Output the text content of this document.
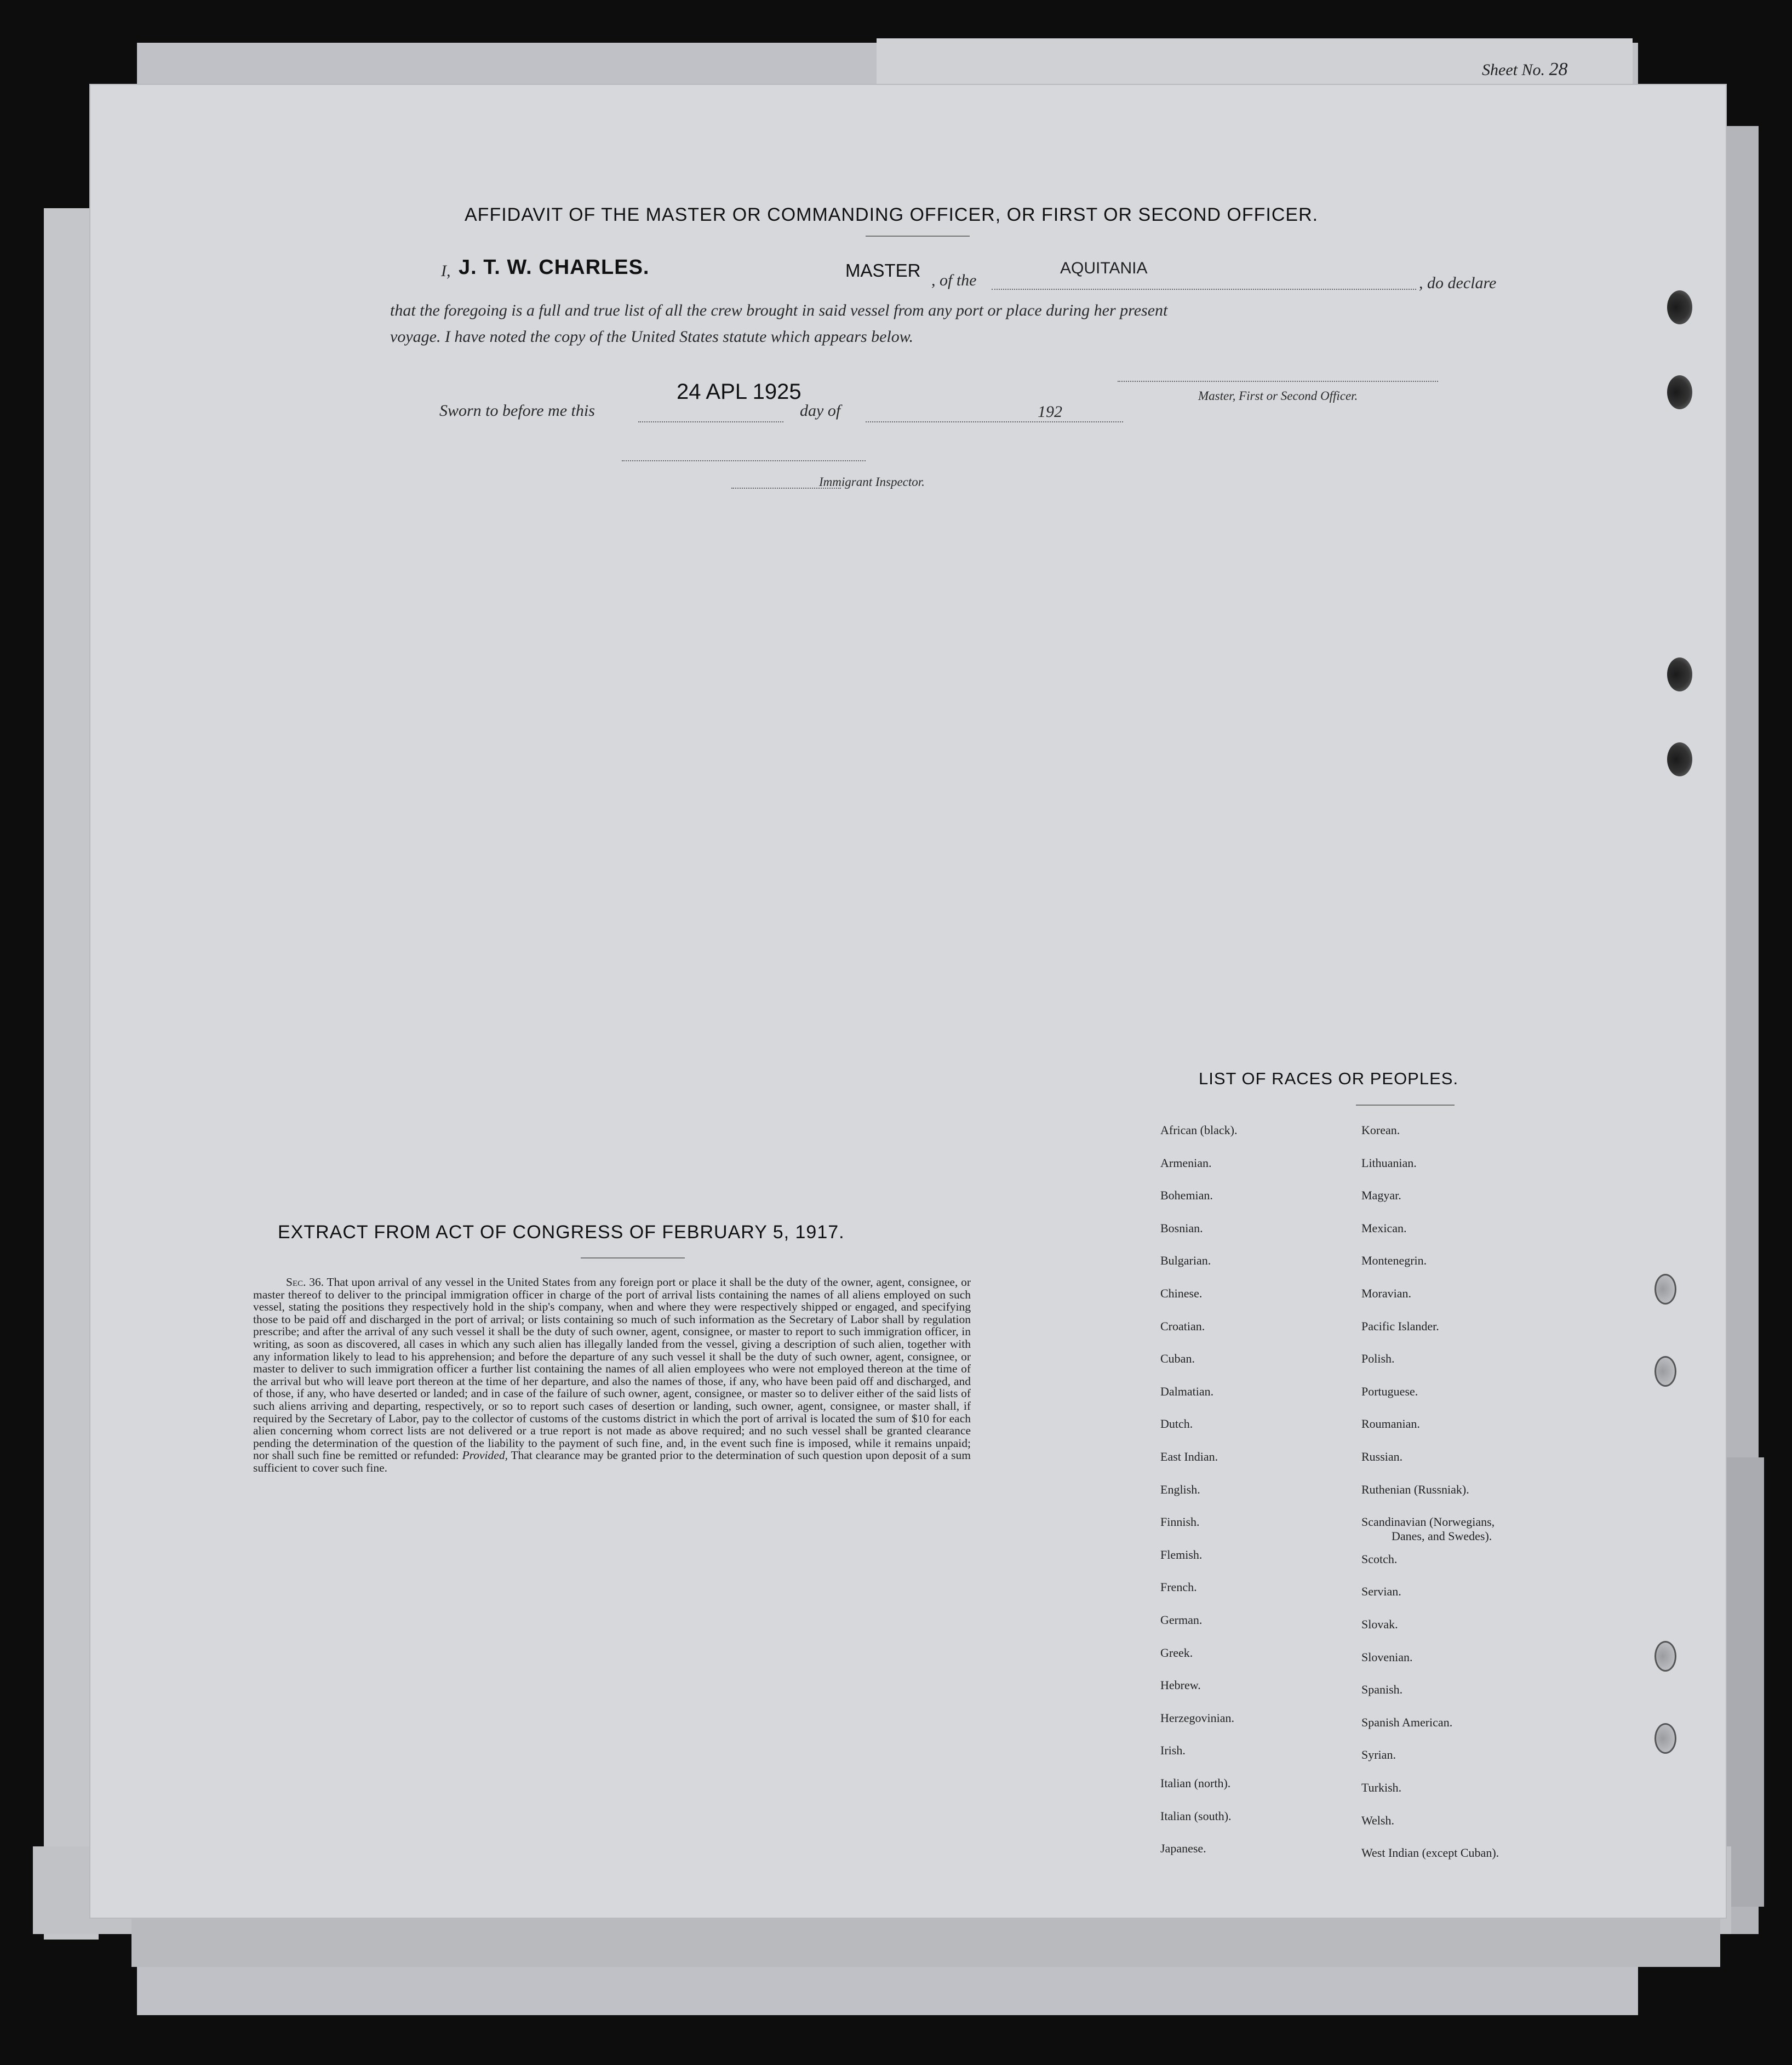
Sheet No. 28
AFFIDAVIT OF THE MASTER OR COMMANDING OFFICER, OR FIRST OR SECOND OFFICER.
I, J. T. W. CHARLES.	MASTER , of the
AQUITANIA
, do declare
that the foregoing is a full and true list of all the crew brought in said vessel from any port or place during her present
voyage. I have noted the copy of the United States statute which appears below.
Sworn to before me this
24 APL 1925
day of	192
Master, First or Second Officer.
Immigrant Inspector.
LIST OF RACES OR PEOPLES.
EXTRACT FROM ACT OF CONGRESS OF FEBRUARY 5, 1917.
Sec. 36. That upon arrival of any vessel in the United States from any foreign port or place it shall be the duty of the owner, agent, consignee, or master thereof to deliver to the principal immigration officer in charge of the port of arrival lists containing the names of all aliens employed on such vessel, stating the positions they respectively hold in the ship's company, when and where they were respectively shipped or engaged, and specifying those to be paid off and discharged in the port of arrival; or lists containing so much of such information as the Secretary of Labor shall by regulation prescribe; and after the arrival of any such vessel it shall be the duty of such owner, agent, consignee, or master to report to such immigration officer, in writing, as soon as discovered, all cases in which any such alien has illegally landed from the vessel, giving a description of such alien, together with any information likely to lead to his apprehension; and before the departure of any such vessel it shall be the duty of such owner, agent, consignee, or master to deliver to such immigration officer a further list containing the names of all alien employees who were not employed thereon at the time of the arrival but who will leave port thereon at the time of her departure, and also the names of those, if any, who have been paid off and discharged, and of those, if any, who have deserted or landed; and in case of the failure of such owner, agent, consignee, or master so to deliver either of the said lists of such aliens arriving and departing, respectively, or so to report such cases of desertion or landing, such owner, agent, consignee, or master shall, if required by the Secretary of Labor, pay to the collector of customs of the customs district in which the port of arrival is located the sum of $10 for each alien concerning whom correct lists are not delivered or a true report is not made as above required; and no such vessel shall be granted clearance pending the determination of the question of the liability to the payment of such fine, and, in the event such fine is imposed, while it remains unpaid; nor shall such fine be remitted or refunded: Provided, That clearance may be granted prior to the determination of such question upon deposit of a sum sufficient to cover such fine.
African (black).
Armenian.
Bohemian.
Bosnian.
Bulgarian.
Chinese.
Croatian.
Cuban.
Dalmatian.
Dutch.
East Indian.
English.
Finnish.
Flemish.
French.
German.
Greek.
Hebrew.
Herzegovinian.
Irish.
Italian (north).
Italian (south).
Japanese.
Korean.
Lithuanian.
Magyar.
Mexican.
Montenegrin.
Moravian.
Pacific Islander.
Polish.
Portuguese.
Roumanian.
Russian.
Ruthenian (Russniak).
Scandinavian (Norwegians,
Danes, and Swedes).
Scotch.
Servian.
Slovak.
Slovenian.
Spanish.
Spanish American.
Syrian.
Turkish.
Welsh.
West Indian (except Cuban).
